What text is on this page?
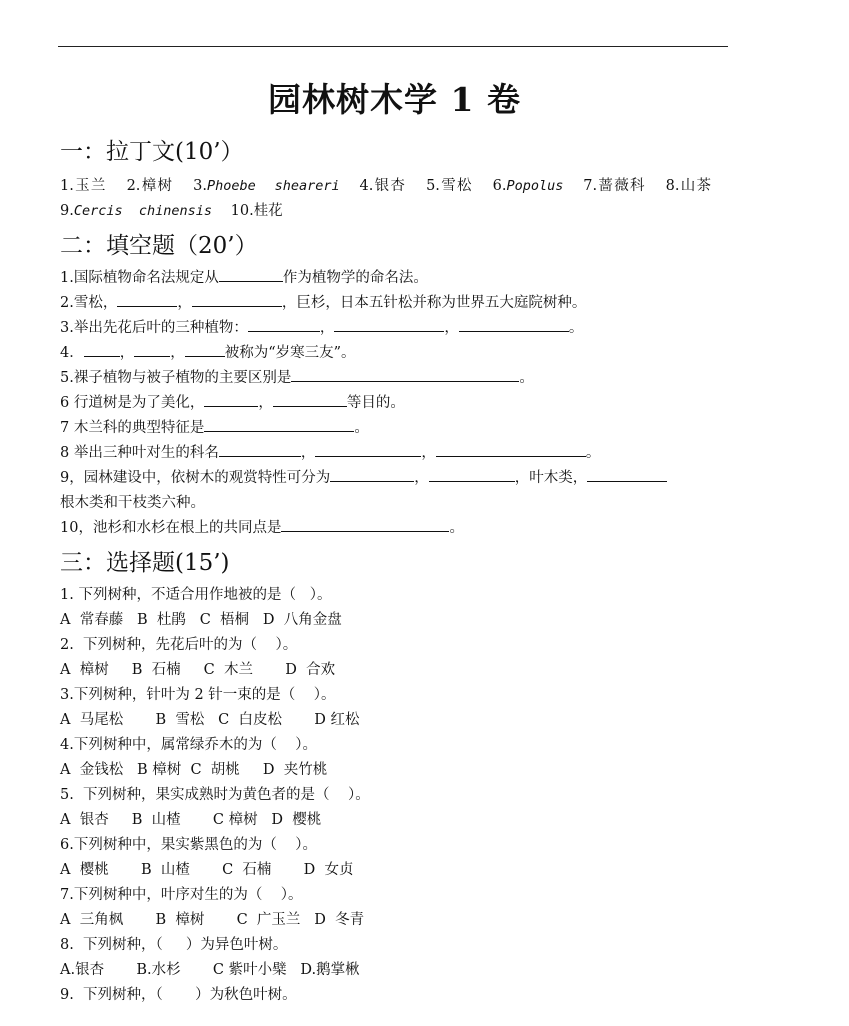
园林树木学 1 卷
一：拉丁文(10’）
1.玉兰 2.樟树 3.Phoebe  sheareri 4.银杏 5.雪松 6.Popolus 7.蔷薇科 8.山茶 9.Cercis  chinensis 10.桂花
二：填空题（20’）
1.国际植物命名法规定从	作为植物学的命名法。
2.雪松，	，	，巨杉，日本五针松并称为世界五大庭院树种。
3.举出先花后叶的三种植物：	，	，	。
4． ， ，	被称为“岁寒三友”。
5.裸子植物与被子植物的主要区别是	。
6 行道树是为了美化，	，	等目的。
7 木兰科的典型特征是	。
8 举出三种叶对生的科名	，	，	。
9，园林建设中，依树木的观赏特性可分为	，	，叶木类，
根木类和干枝类六种。
10，池杉和水杉在根上的共同点是	。
三：选择题(15’)
1. 下列树种，不适合用作地被的是（   ）。
A  常春藤   B  杜鹃   C  梧桐   D  八角金盘
2.  下列树种，先花后叶的为（    ）。
A  樟树     B  石楠     C  木兰       D  合欢
3.下列树种，针叶为 2 针一束的是（    ）。
A  马尾松       B  雪松   C  白皮松       D 红松
4.下列树种中，属常绿乔木的为（    ）。
A  金钱松   B 樟树  C  胡桃     D  夹竹桃
5.  下列树种，果实成熟时为黄色者的是（    ）。
A  银杏     B  山楂       C 樟树   D  樱桃
6.下列树种中，果实紫黑色的为（    ）。
A  樱桃       B  山楂       C  石楠       D  女贞
7.下列树种中，叶序对生的为（    ）。
A  三角枫       B  樟树       C  广玉兰   D  冬青
8.  下列树种，（     ）为异色叶树。
A.银杏       B.水杉       C 紫叶小檗   D.鹅掌楸
9.  下列树种，（       ）为秋色叶树。
